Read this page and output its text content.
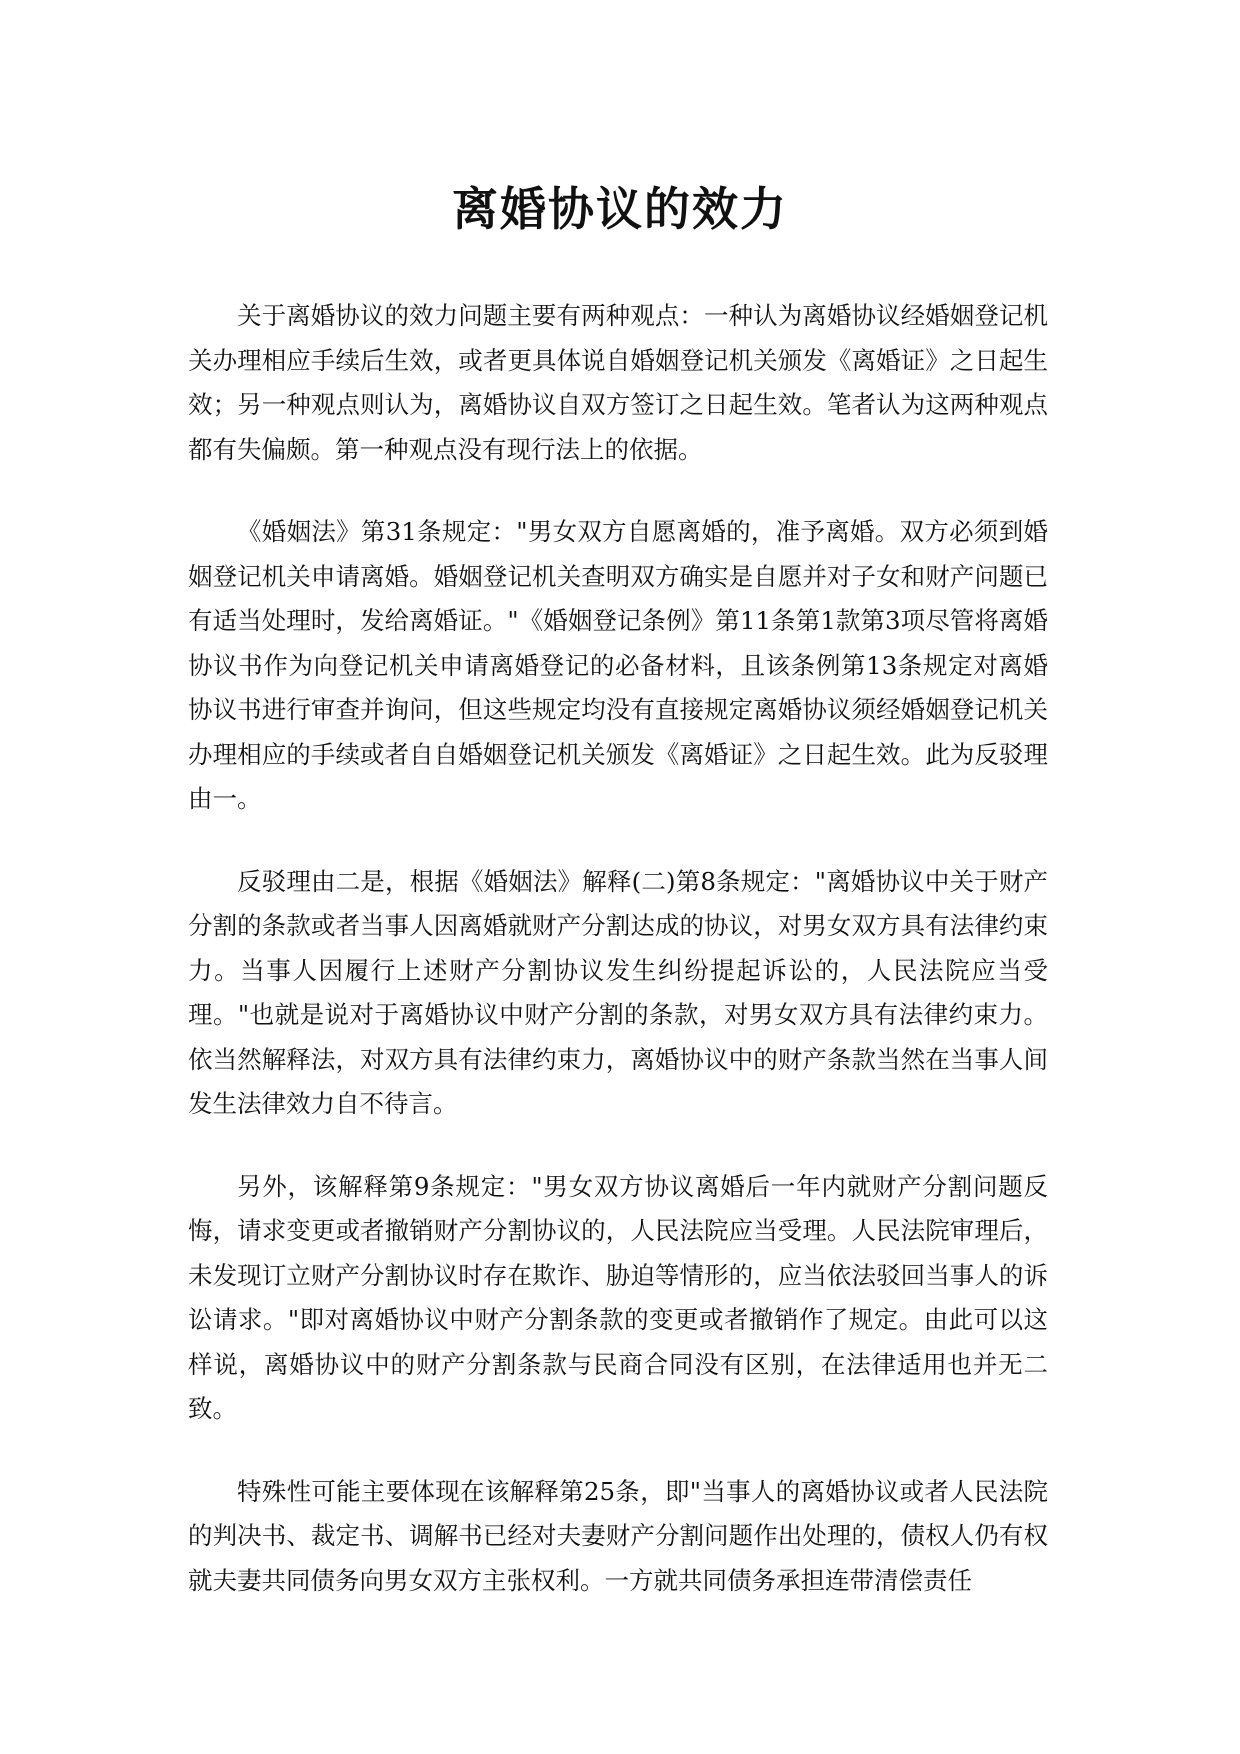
离婚协议的效力

关于离婚协议的效力问题主要有两种观点：一种认为离婚协议经婚姻登记机关办理相应手续后生效，或者更具体说自婚姻登记机关颁发《离婚证》之日起生效；另一种观点则认为，离婚协议自双方签订之日起生效。笔者认为这两种观点都有失偏颇。第一种观点没有现行法上的依据。

《婚姻法》第31条规定："男女双方自愿离婚的，准予离婚。双方必须到婚姻登记机关申请离婚。婚姻登记机关查明双方确实是自愿并对子女和财产问题已有适当处理时，发给离婚证。"《婚姻登记条例》第11条第1款第3项尽管将离婚协议书作为向登记机关申请离婚登记的必备材料，且该条例第13条规定对离婚协议书进行审查并询问，但这些规定均没有直接规定离婚协议须经婚姻登记机关办理相应的手续或者自自婚姻登记机关颁发《离婚证》之日起生效。此为反驳理由一。

反驳理由二是，根据《婚姻法》解释(二)第8条规定："离婚协议中关于财产分割的条款或者当事人因离婚就财产分割达成的协议，对男女双方具有法律约束力。当事人因履行上述财产分割协议发生纠纷提起诉讼的，人民法院应当受理。"也就是说对于离婚协议中财产分割的条款，对男女双方具有法律约束力。依当然解释法，对双方具有法律约束力，离婚协议中的财产条款当然在当事人间发生法律效力自不待言。

另外，该解释第9条规定："男女双方协议离婚后一年内就财产分割问题反悔，请求变更或者撤销财产分割协议的，人民法院应当受理。人民法院审理后，未发现订立财产分割协议时存在欺诈、胁迫等情形的，应当依法驳回当事人的诉讼请求。"即对离婚协议中财产分割条款的变更或者撤销作了规定。由此可以这样说，离婚协议中的财产分割条款与民商合同没有区别，在法律适用也并无二致。

特殊性可能主要体现在该解释第25条，即"当事人的离婚协议或者人民法院的判决书、裁定书、调解书已经对夫妻财产分割问题作出处理的，债权人仍有权就夫妻共同债务向男女双方主张权利。一方就共同债务承担连带清偿责任
